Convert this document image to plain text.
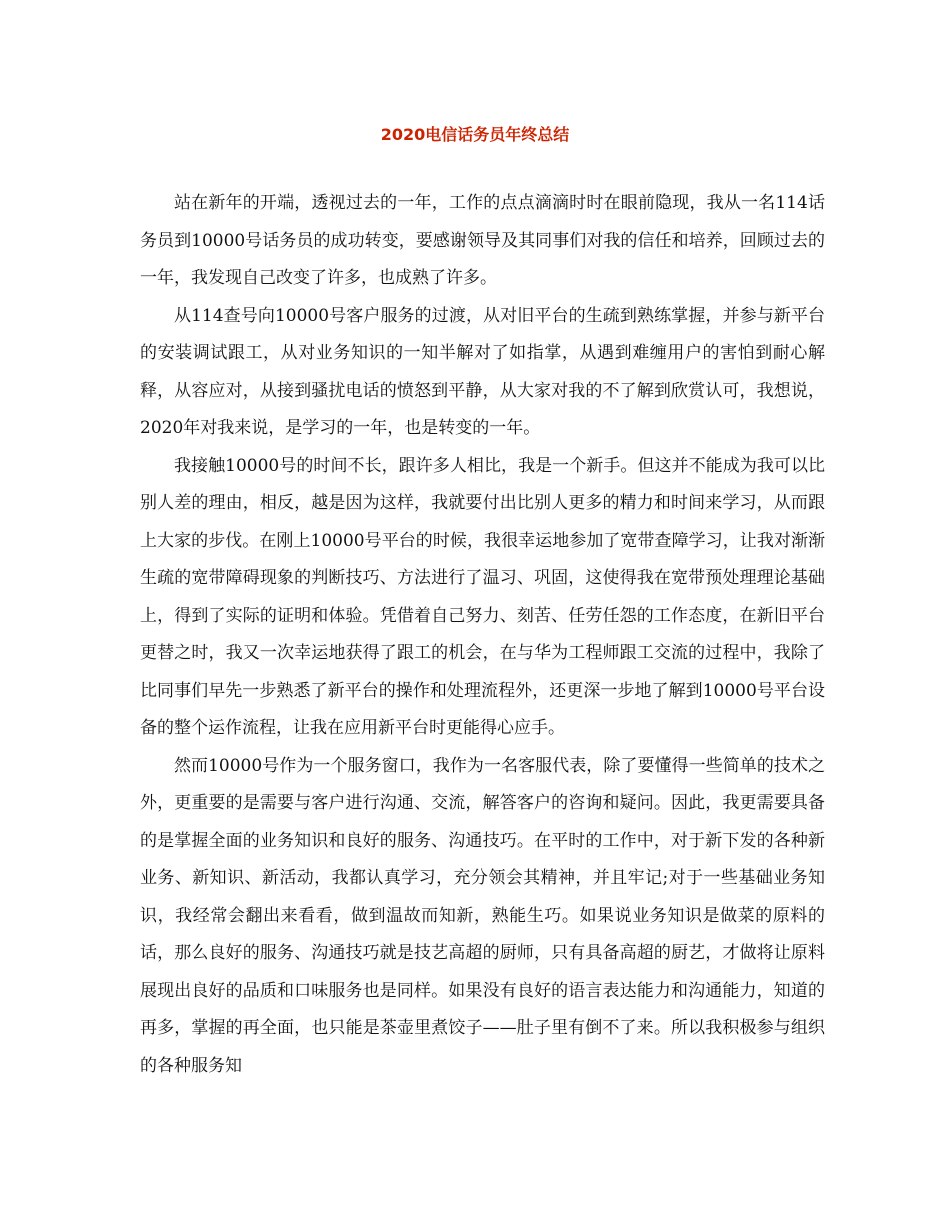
2020电信话务员年终总结

站在新年的开端，透视过去的一年，工作的点点滴滴时时在眼前隐现，我从一名114话务员到10000号话务员的成功转变，要感谢领导及其同事们对我的信任和培养，回顾过去的一年，我发现自己改变了许多，也成熟了许多。

从114查号向10000号客户服务的过渡，从对旧平台的生疏到熟练掌握，并参与新平台的安装调试跟工，从对业务知识的一知半解对了如指掌，从遇到难缠用户的害怕到耐心解释，从容应对，从接到骚扰电话的愤怒到平静，从大家对我的不了解到欣赏认可，我想说，2020年对我来说，是学习的一年，也是转变的一年。

我接触10000号的时间不长，跟许多人相比，我是一个新手。但这并不能成为我可以比别人差的理由，相反，越是因为这样，我就要付出比别人更多的精力和时间来学习，从而跟上大家的步伐。在刚上10000号平台的时候，我很幸运地参加了宽带查障学习，让我对渐渐生疏的宽带障碍现象的判断技巧、方法进行了温习、巩固，这使得我在宽带预处理理论基础上，得到了实际的证明和体验。凭借着自己努力、刻苦、任劳任怨的工作态度，在新旧平台更替之时，我又一次幸运地获得了跟工的机会，在与华为工程师跟工交流的过程中，我除了比同事们早先一步熟悉了新平台的操作和处理流程外，还更深一步地了解到10000号平台设备的整个运作流程，让我在应用新平台时更能得心应手。

然而10000号作为一个服务窗口，我作为一名客服代表，除了要懂得一些简单的技术之外，更重要的是需要与客户进行沟通、交流，解答客户的咨询和疑问。因此，我更需要具备的是掌握全面的业务知识和良好的服务、沟通技巧。在平时的工作中，对于新下发的各种新业务、新知识、新活动，我都认真学习，充分领会其精神，并且牢记;对于一些基础业务知识，我经常会翻出来看看，做到温故而知新，熟能生巧。如果说业务知识是做菜的原料的话，那么良好的服务、沟通技巧就是技艺高超的厨师，只有具备高超的厨艺，才做将让原料展现出良好的品质和口味服务也是同样。如果没有良好的语言表达能力和沟通能力，知道的再多，掌握的再全面，也只能是茶壶里煮饺子——肚子里有倒不了来。所以我积极参与组织的各种服务知
